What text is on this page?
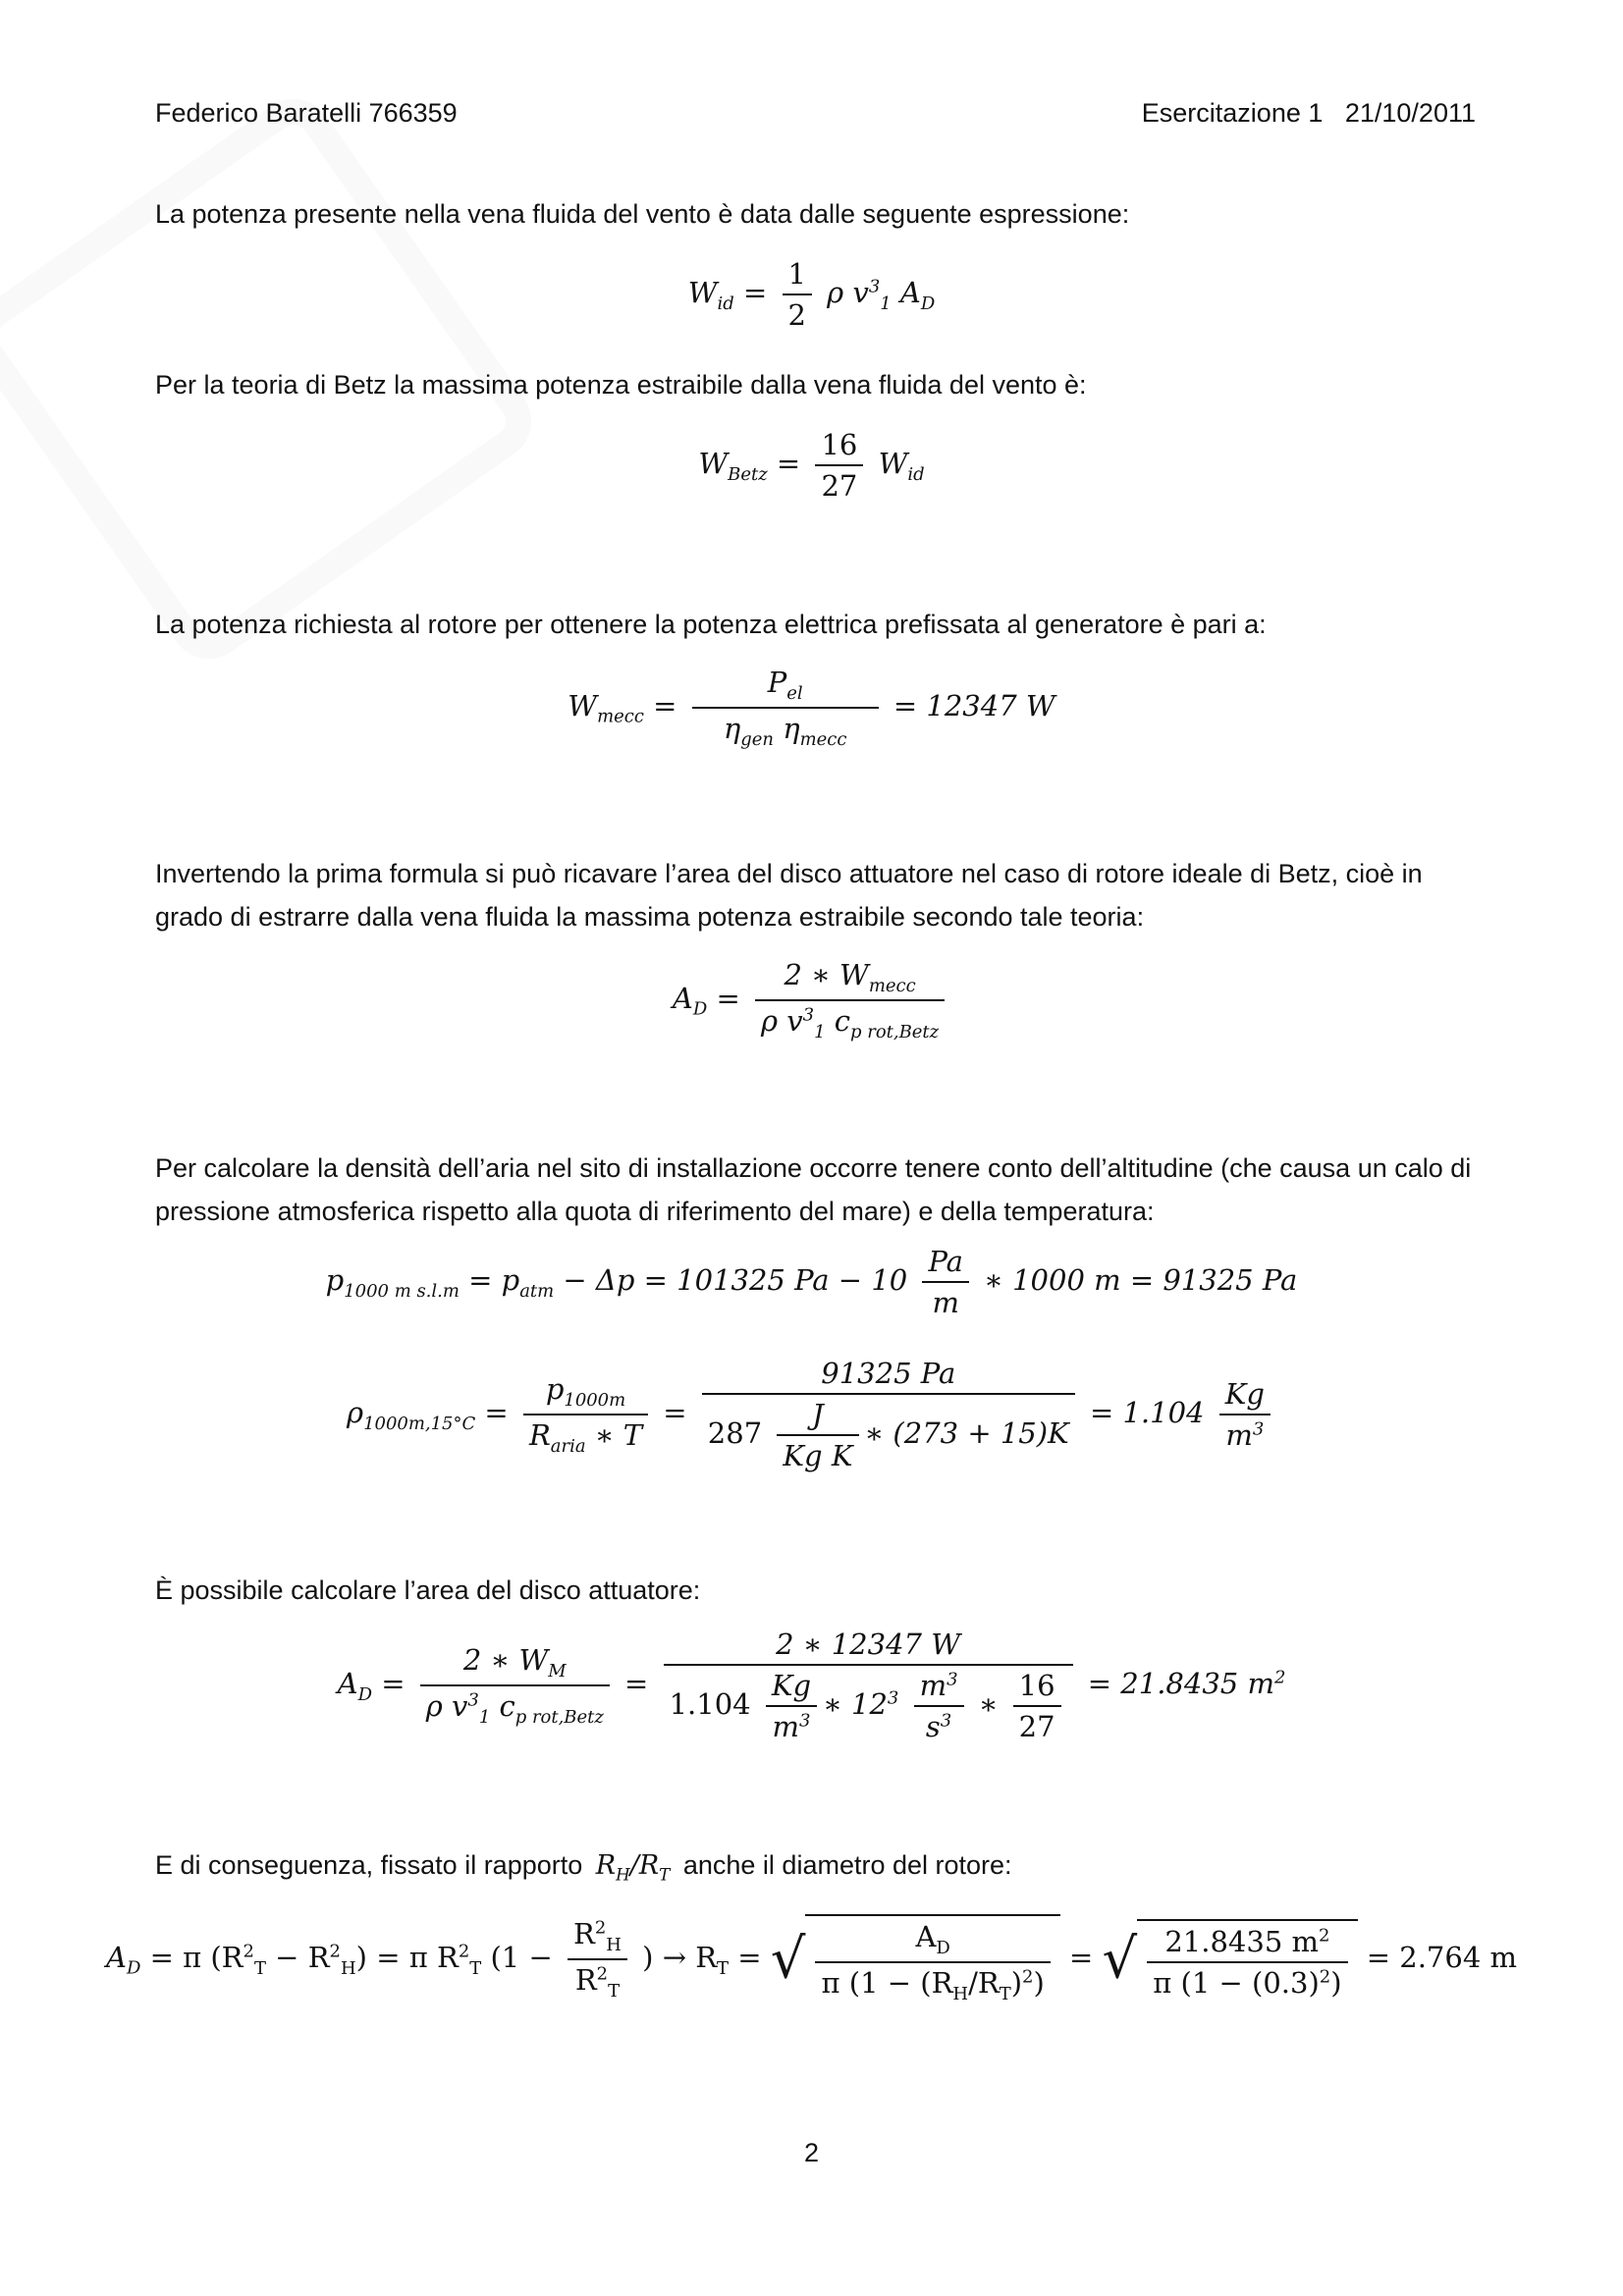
Federico Baratelli 766359	Esercitazione 1   21/10/2011
La potenza presente nella vena fluida del vento è data dalle seguente espressione:
$W_{id} = \frac{1}{2}$ ρ $v^3_1$ $A_D$
Per la teoria di Betz la massima potenza estraibile dalla vena fluida del vento è:
$W_{Betz} = \frac{16}{27} W_{id}$
La potenza richiesta al rotore per ottenere la potenza elettrica prefissata al generatore è pari a:
$W_{mecc} = \frac{P_{el}}{\eta_{gen} \eta_{mecc}} = 12347$ W
Invertendo la prima formula si può ricavare l’area del disco attuatore nel caso di rotore ideale di Betz, cioè in grado di estrarre dalla vena fluida la massima potenza estraibile secondo tale teoria:
$A_D = \frac{2 ∗ W_{mecc}}{\rho v^3_1 c_{p rot,Betz}}$
Per calcolare la densità dell’aria nel sito di installazione occorre tenere conto dell’altitudine (che causa un calo di pressione atmosferica rispetto alla quota di riferimento del mare) e della temperatura:
$p_{1000 m s.l.m} = p_{atm} - \Delta p = 101325$ $Pa - 10 \frac{Pa}{m}$ ∗ 1000 m = 91325 Pa
$\rho_{1000m,15^\circ C} = \frac{p_{1000m}}{R_{aria} ∗ T} = \frac{91325 Pa}{287 \frac{J}{\text{Kg K}} ∗ (273 + 15)K} = 1.104 \frac{Kg}{m^3}$
È possibile calcolare l’area del disco attuatore:
$A_D = \frac{2 ∗ W_M}{\rho v^3_1 c_{p rot,Betz}} = \frac{2 ∗ 12347 W}{1.104 \frac{Kg}{m^3} ∗ 12^3 \frac{m^3}{s^3} ∗ \frac{16}{27}} = 21.8435$ $m^2$
E di conseguenza, fissato il rapporto $R_H/R_T$ anche il diametro del rotore:
$A_D = \pi$ $(R^2_T - R^2_H) = \pi$ $R^2_T$ ($1 - \frac{R^2_H}{R^2_T}$ ) → $R_T$ = √ $\frac{A_D}{\pi (1 - (R_H/R_T)^2)}$ = √ $\frac{21.8435 m^2}{\pi (1 - (0.3)^2)} = 2.764$ m
2
